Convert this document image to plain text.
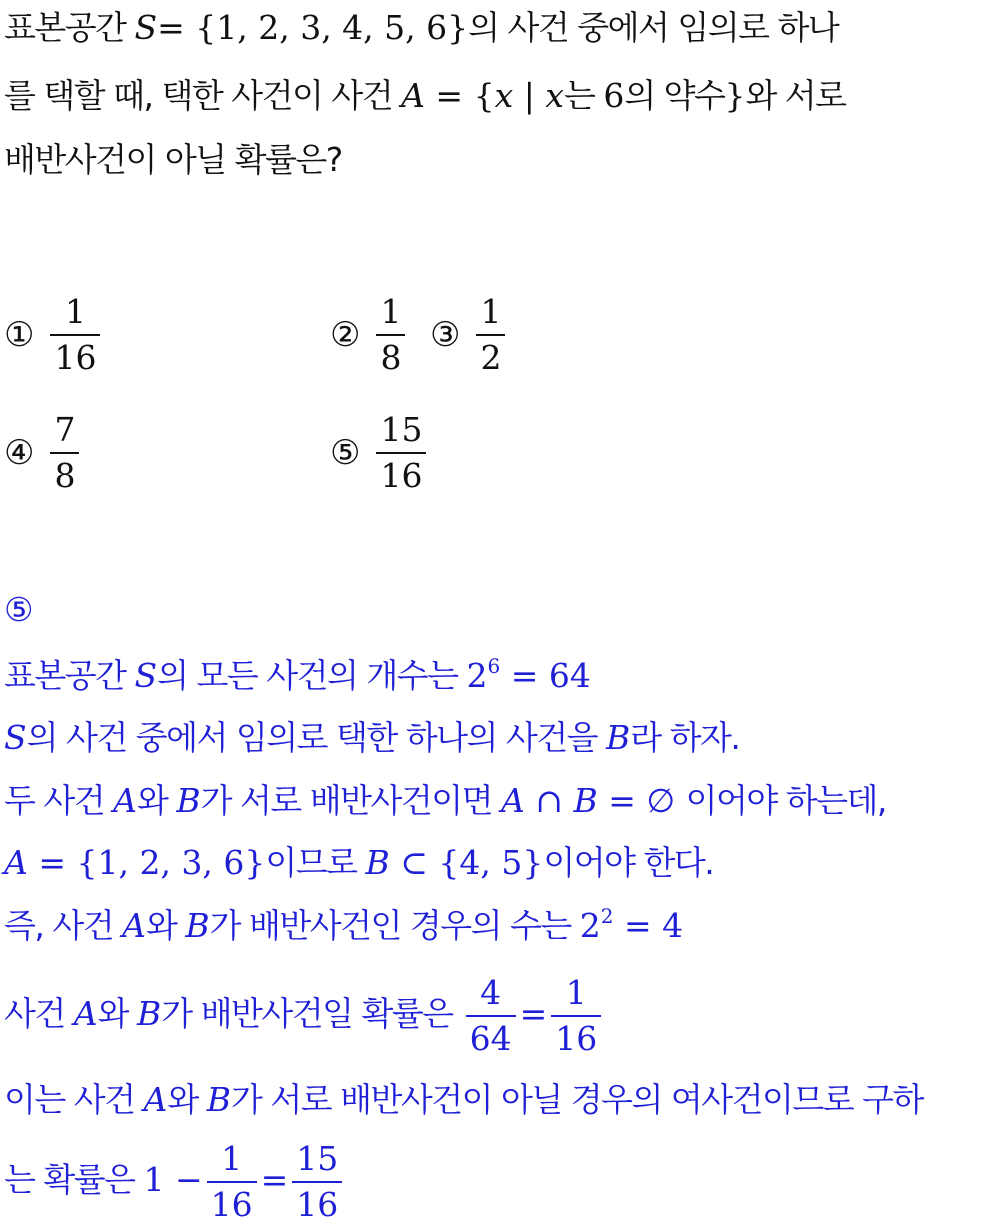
표본공간 S= {1, 2, 3, 4, 5, 6}의 사건 중에서 임의로 하나
를 택할 때, 택한 사건이 사건 A = {x | x는 6의 약수}와 서로
배반사건이 아닐 확률은?
① $\frac{1}{16}$	② $\frac{1}{8}$ ③ $\frac{1}{2}$
④ $\frac{7}{8}$	⑤ $\frac{15}{16}$
⑤
표본공간 S의 모든 사건의 개수는 $2^6 = 64$
S의 사건 중에서 임의로 택한 하나의 사건을 B라 하자.
두 사건 A와 B가 서로 배반사건이면 A ∩ B = ∅ 이어야 하는데,
A = {1, 2, 3, 6}이므로 B ⊂ {4, 5}이어야 한다.
즉, 사건 A와 B가 배반사건인 경우의 수는 $2^2 = 4$
사건 A와 B가 배반사건일 확률은 $\frac{4}{64} = \frac{1}{16}$
이는 사건 A와 B가 서로 배반사건이 아닐 경우의 여사건이므로 구하
는 확률은 $1 - \frac{1}{16} = \frac{15}{16}$
